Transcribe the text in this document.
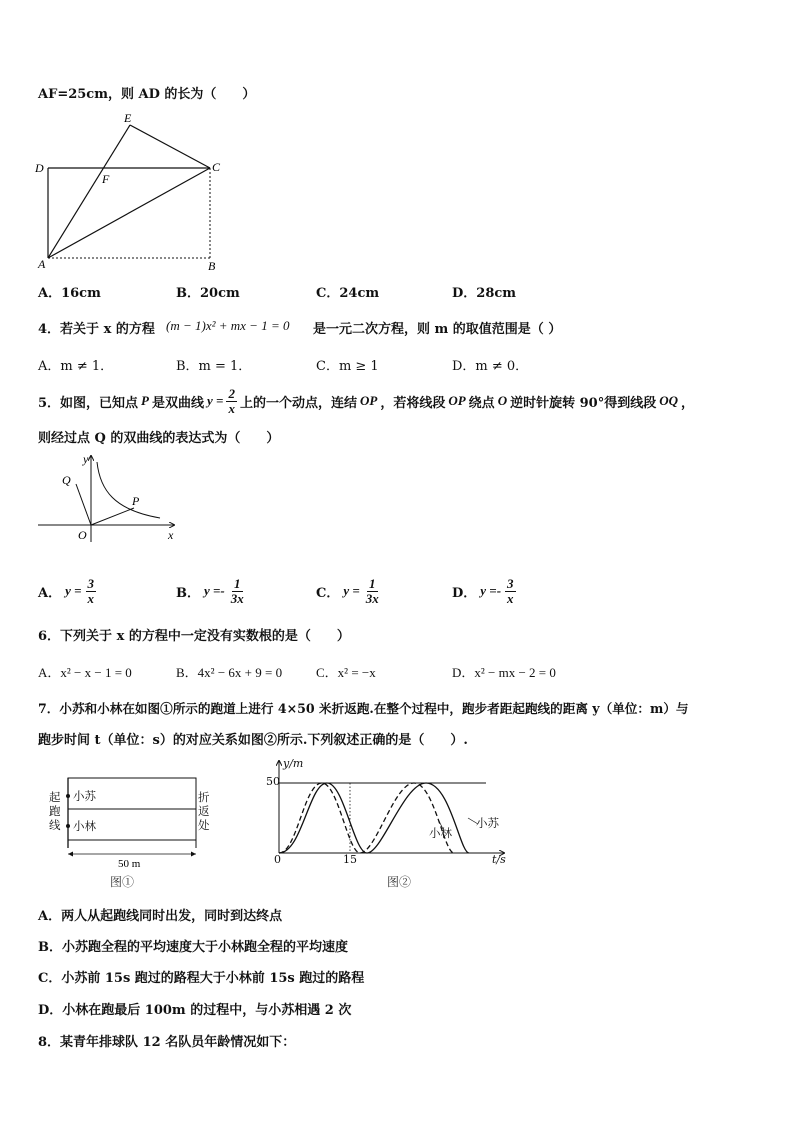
AF=25cm，则 AD 的长为（　　）
E
D
F
C
A	B
A．16cm	B．20cm	C．24cm	D．28cm
4．若关于 x 的方程 (m − 1)x² + mx − 1 = 0 是一元二次方程，则 m 的取值范围是（ ）
A．m ≠ 1．	B．m = 1．	C．m ≥ 1	D．m ≠ 0．
5．如图，已知点 P 是双曲线 $y = \frac{2}{x}$ 上的一个动点，连结 OP ，若将线段 OP 绕点 O 逆时针旋转 90°得到线段 OQ ，
则经过点 Q 的双曲线的表达式为（　　）
y
Q
P
O	x
A． $y = \frac{3}{x}$	B． $y =- \frac{1}{3x}$	C． $y = \frac{1}{3x}$	D． $y =- \frac{3}{x}$
6．下列关于 x 的方程中一定没有实数根的是（　　）
A．x² − x − 1 = 0	B．4x² − 6x + 9 = 0	C．x² = −x	D．x² − mx − 2 = 0
7．小苏和小林在如图①所示的跑道上进行 4×50 米折返跑.在整个过程中，跑步者距起跑线的距离 y（单位：m）与
跑步时间 t（单位：s）的对应关系如图②所示.下列叙述正确的是（　　）.
50 m
起跑线
折返处
小苏
小林
图①
y/m
50
0	15	t/s
小林
小苏
图②
A．两人从起跑线同时出发，同时到达终点
B．小苏跑全程的平均速度大于小林跑全程的平均速度
C．小苏前 15s 跑过的路程大于小林前 15s 跑过的路程
D．小林在跑最后 100m 的过程中，与小苏相遇 2 次
8．某青年排球队 12 名队员年龄情况如下：
